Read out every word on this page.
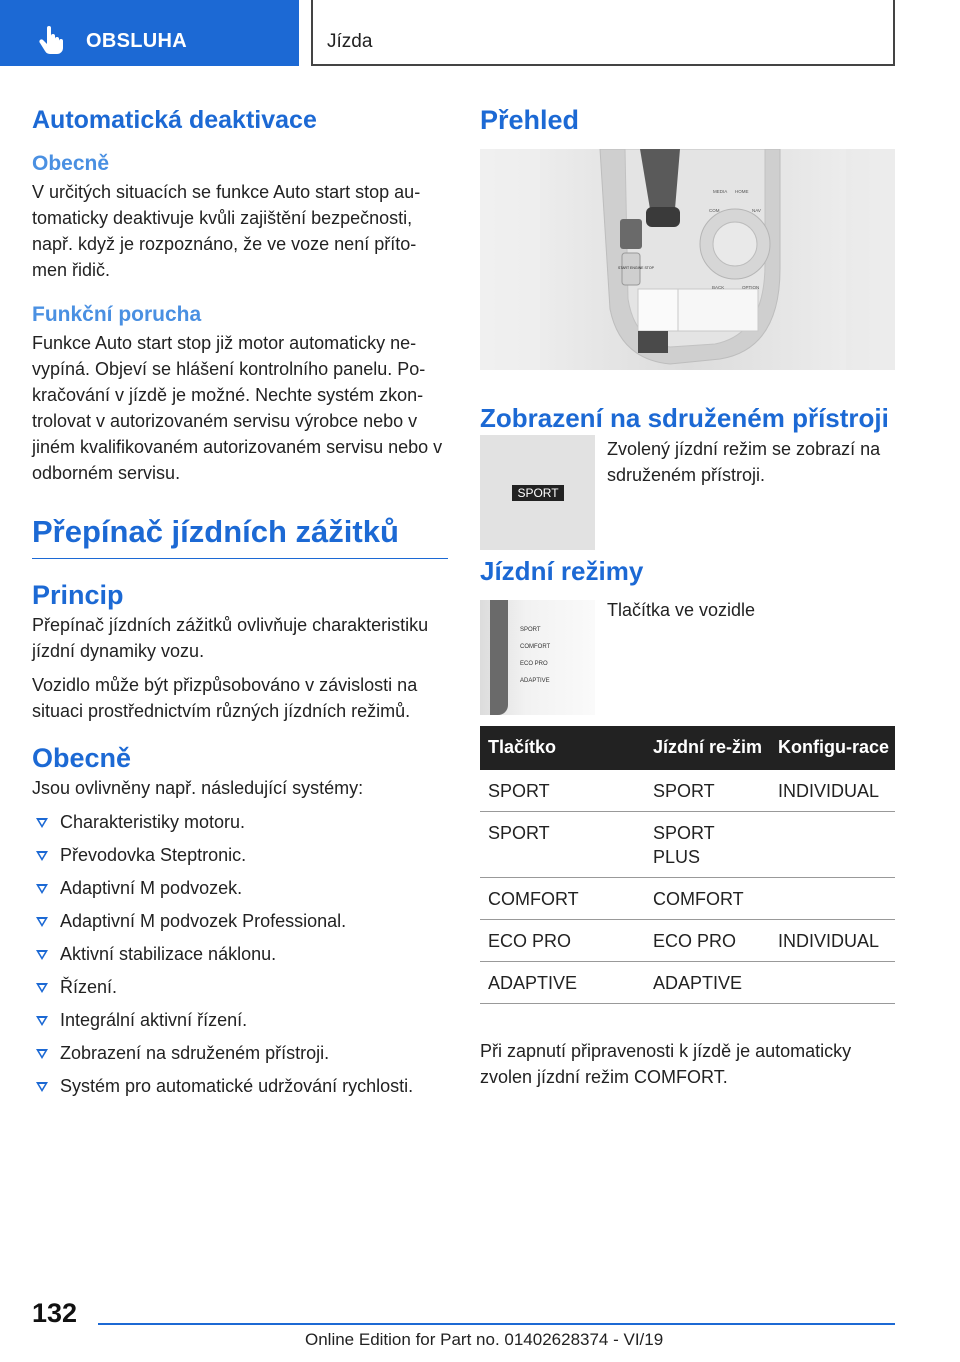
OBSLUHA	Jízda
Automatická deaktivace
Obecně
V určitých situacích se funkce Auto start stop au-tomaticky deaktivuje kvůli zajištění bezpečnosti, např. když je rozpoznáno, že ve voze není příto-men řidič.
Funkční porucha
Funkce Auto start stop již motor automaticky ne-vypíná. Objeví se hlášení kontrolního panelu. Po-kračování v jízdě je možné. Nechte systém zkon-trolovat v autorizovaném servisu výrobce nebo v jiném kvalifikovaném autorizovaném servisu nebo v odborném servisu.
Přepínač jízdních zážitků
Princip
Přepínač jízdních zážitků ovlivňuje charakteristiku jízdní dynamiky vozu.
Vozidlo může být přizpůsobováno v závislosti na situaci prostřednictvím různých jízdních režimů.
Obecně
Jsou ovlivněny např. následující systémy:
Charakteristiky motoru.
Převodovka Steptronic.
Adaptivní M podvozek.
Adaptivní M podvozek Professional.
Aktivní stabilizace náklonu.
Řízení.
Integrální aktivní řízení.
Zobrazení na sdruženém přístroji.
Systém pro automatické udržování rychlosti.
Přehled
MEDIA HOME
COM	NAV
BACK	OPTION
START ENGINE STOP
Zobrazení na sdruženém přístroji
SPORT
Zvolený jízdní režim se zobrazí na sdruženém přístroji.
Jízdní režimy
SPORT
COMFORT
ECO PRO
ADAPTIVE
Tlačítka ve vozidle
Tlačítko	Jízdní re-žim	Konfigu-race
SPORT	SPORT	INDIVIDUAL
SPORT	SPORT PLUS	
COMFORT	COMFORT	
ECO PRO	ECO PRO	INDIVIDUAL
ADAPTIVE	ADAPTIVE	
Při zapnutí připravenosti k jízdě je automaticky zvolen jízdní režim COMFORT.
132
Online Edition for Part no. 01402628374 - VI/19
